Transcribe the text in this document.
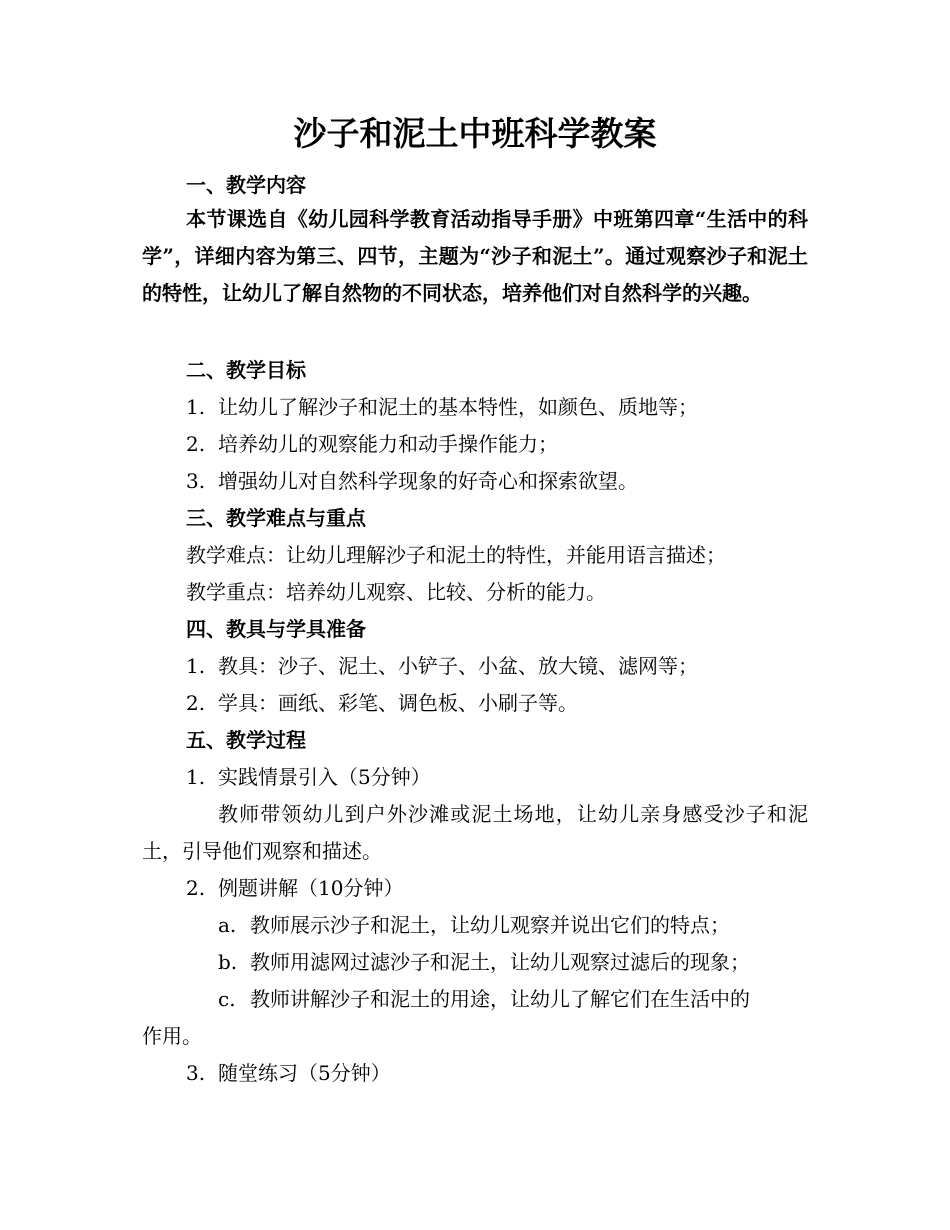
沙子和泥土中班科学教案
一、教学内容

本节课选自《幼儿园科学教育活动指导手册》中班第四章“生活中的科学”，详细内容为第三、四节，主题为“沙子和泥土”。通过观察沙子和泥土的特性，让幼儿了解自然物的不同状态，培养他们对自然科学的兴趣。

二、教学目标
1. 让幼儿了解沙子和泥土的基本特性，如颜色、质地等；
2. 培养幼儿的观察能力和动手操作能力；
3. 增强幼儿对自然科学现象的好奇心和探索欲望。
三、教学难点与重点
教学难点：让幼儿理解沙子和泥土的特性，并能用语言描述；
教学重点：培养幼儿观察、比较、分析的能力。
四、教具与学具准备
1. 教具：沙子、泥土、小铲子、小盆、放大镜、滤网等；
2. 学具：画纸、彩笔、调色板、小刷子等。
五、教学过程
1. 实践情景引入（5分钟）

教师带领幼儿到户外沙滩或泥土场地，让幼儿亲身感受沙子和泥土，引导他们观察和描述。

2. 例题讲解（10分钟）
a. 教师展示沙子和泥土，让幼儿观察并说出它们的特点；
b. 教师用滤网过滤沙子和泥土，让幼儿观察过滤后的现象；
c. 教师讲解沙子和泥土的用途，让幼儿了解它们在生活中的
作用。
3. 随堂练习（5分钟）
